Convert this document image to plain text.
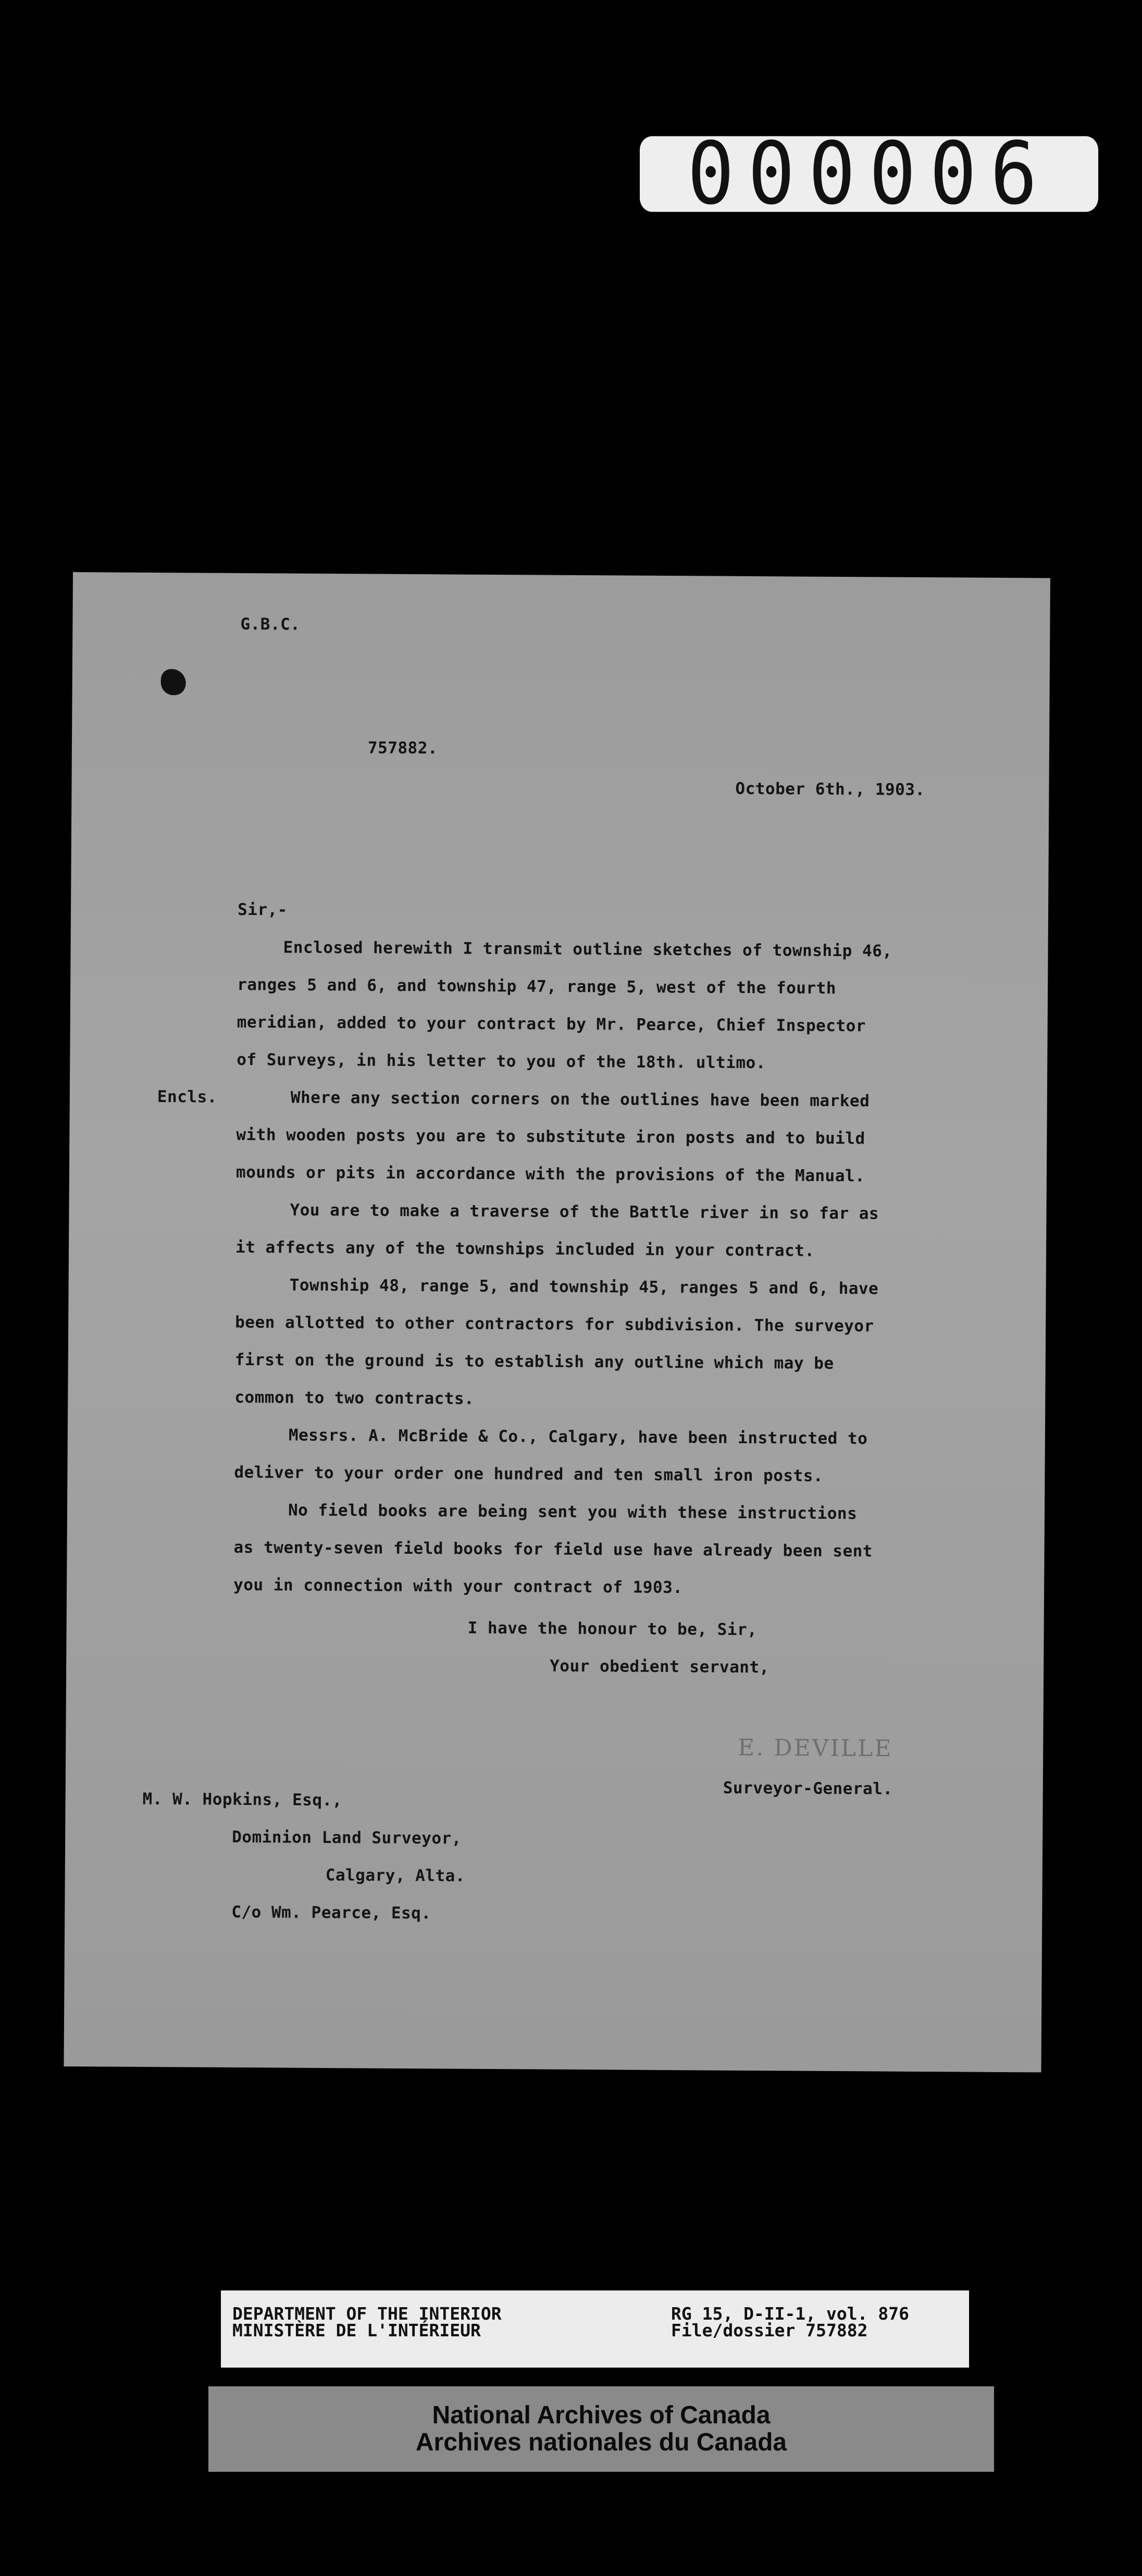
000006
G.B.C.
757882.
October 6th., 1903.
Sir,-
Enclosed herewith I transmit outline sketches of township 46,
ranges 5 and 6, and township 47, range 5, west of the fourth
meridian, added to your contract by Mr. Pearce, Chief Inspector
of Surveys, in his letter to you of the 18th. ultimo.
Encls.	Where any section corners on the outlines have been marked
with wooden posts you are to substitute iron posts and to build
mounds or pits in accordance with the provisions of the Manual.
You are to make a traverse of the Battle river in so far as
it affects any of the townships included in your contract.
Township 48, range 5, and township 45, ranges 5 and 6, have
been allotted to other contractors for subdivision. The surveyor
first on the ground is to establish any outline which may be
common to two contracts.
Messrs. A. McBride & Co., Calgary, have been instructed to
deliver to your order one hundred and ten small iron posts.
No field books are being sent you with these instructions
as twenty-seven field books for field use have already been sent
you in connection with your contract of 1903.
I have the honour to be, Sir,
Your obedient servant,
E. DEVILLE
Surveyor-General.
M. W. Hopkins, Esq.,
Dominion Land Surveyor,
Calgary, Alta.
C/o Wm. Pearce, Esq.
DEPARTMENT OF THE INTERIOR
MINISTÈRE DE L'INTÉRIEUR
RG 15, D-II-1, vol. 876
File/dossier 757882
National Archives of Canada
Archives nationales du Canada
